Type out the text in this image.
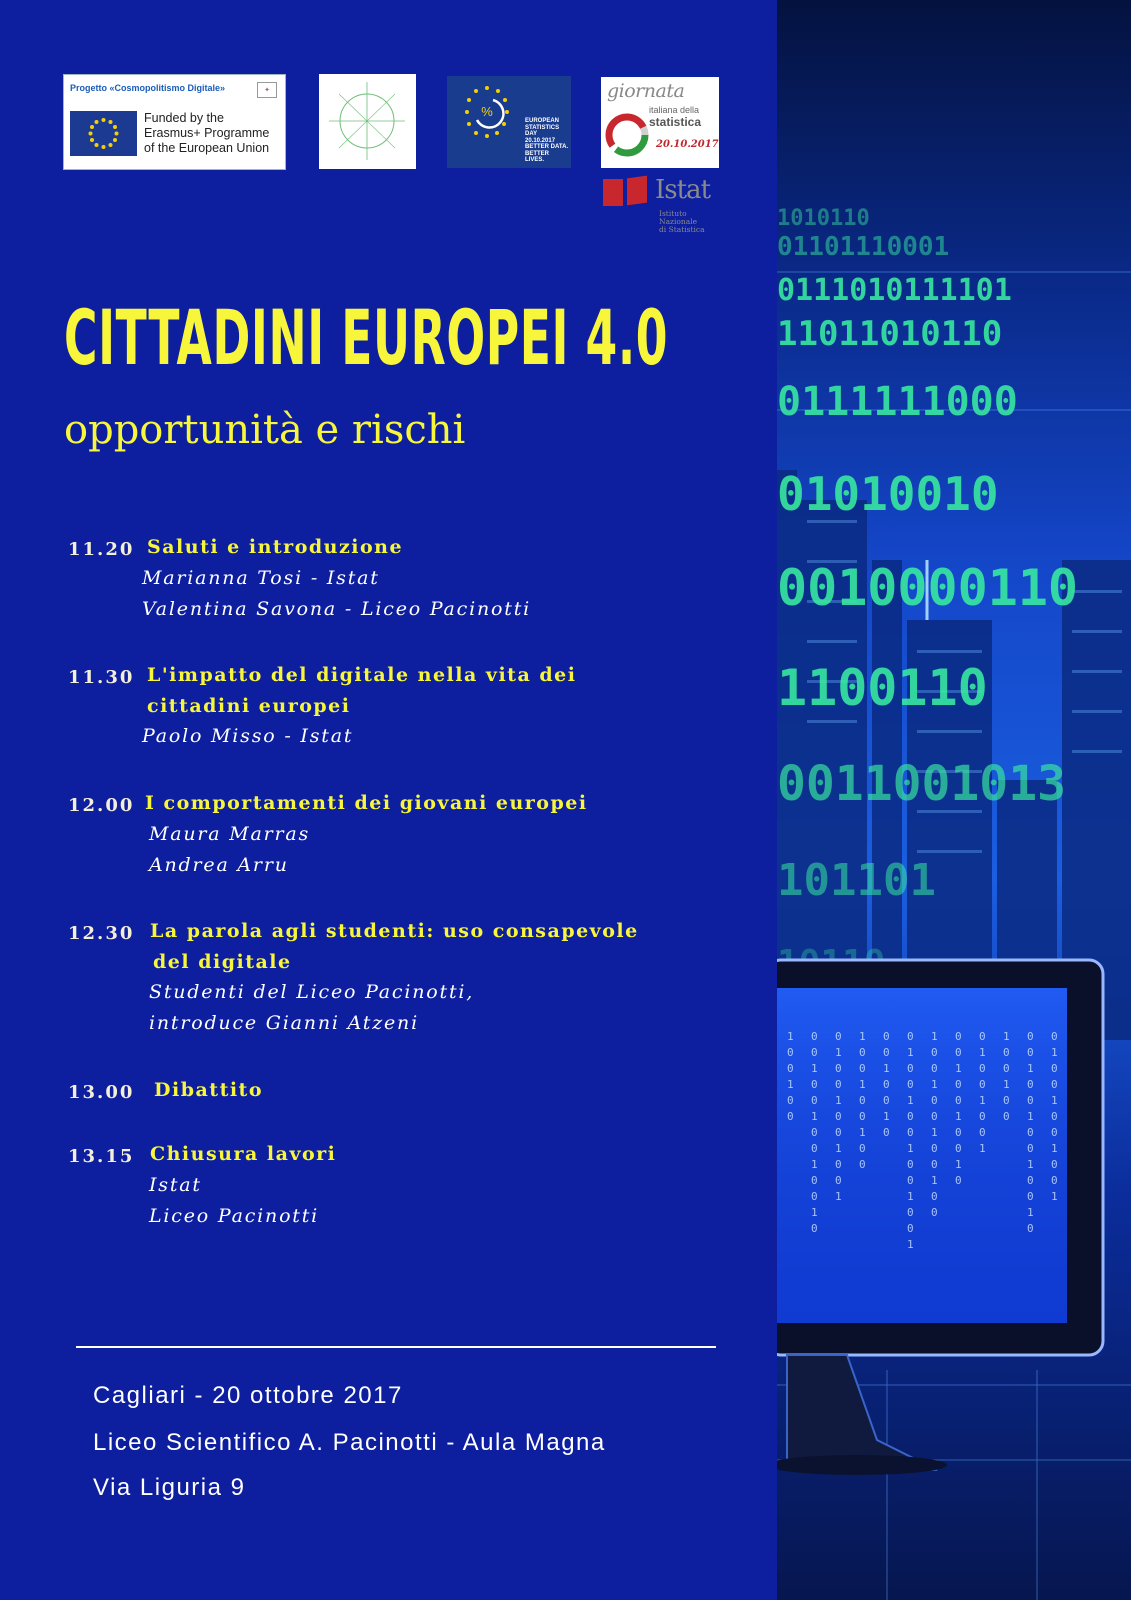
Progetto «Cosmopolitismo Digitale»	✦
Funded by the
Erasmus+ Programme
of the European Union
%
EUROPEAN
STATISTICS
DAY
20.10.2017
BETTER DATA.
BETTER LIVES.
giornata
italiana della
statistica
20.10.2017
Istat
Istituto Nazionale
di Statistica
CITTADINI EUROPEI 4.0
opportunità e rischi
11.20 Saluti e introduzione
Marianna Tosi - Istat
Valentina Savona - Liceo Pacinotti
11.30 L'impatto del digitale nella vita dei
cittadini europei
Paolo Misso - Istat
12.00 I comportamenti dei giovani europei
Maura Marras
Andrea Arru
12.30 La parola agli studenti: uso consapevole
del digitale
Studenti del Liceo Pacinotti,
introduce Gianni Atzeni
13.00 Dibattito
13.15 Chiusura lavori
Istat
Liceo Pacinotti
Cagliari - 20 ottobre 2017
Liceo Scientifico A. Pacinotti - Aula Magna
Via Liguria 9
1010110
01101110001
0111010111101
11011010110
0111111000
01010010
0010000110
1100110
0011001013
101101
1
0
0
1
0
0
0
0
1
0
0
1
0
0
1
0
0
1
0
0
1
0
0
1
0
0
1
0
0
1
1
0
0
1
0
0
1
0
0
0
0
1
0
0
1
0
0
1
0
0
1
0
0
1
0
0
1
0
0
1
1
0
0
1
0
0
1
0
0
1
0
0
0
0
1
0
0
1
0
0
1
0
0
1
0
0
1
0
0
1
1
0
0
1
0
0
0
0
1
0
0
1
0
0
1
0
0
1
0
0
1
0
0
1
0
0
1
0
0
1
